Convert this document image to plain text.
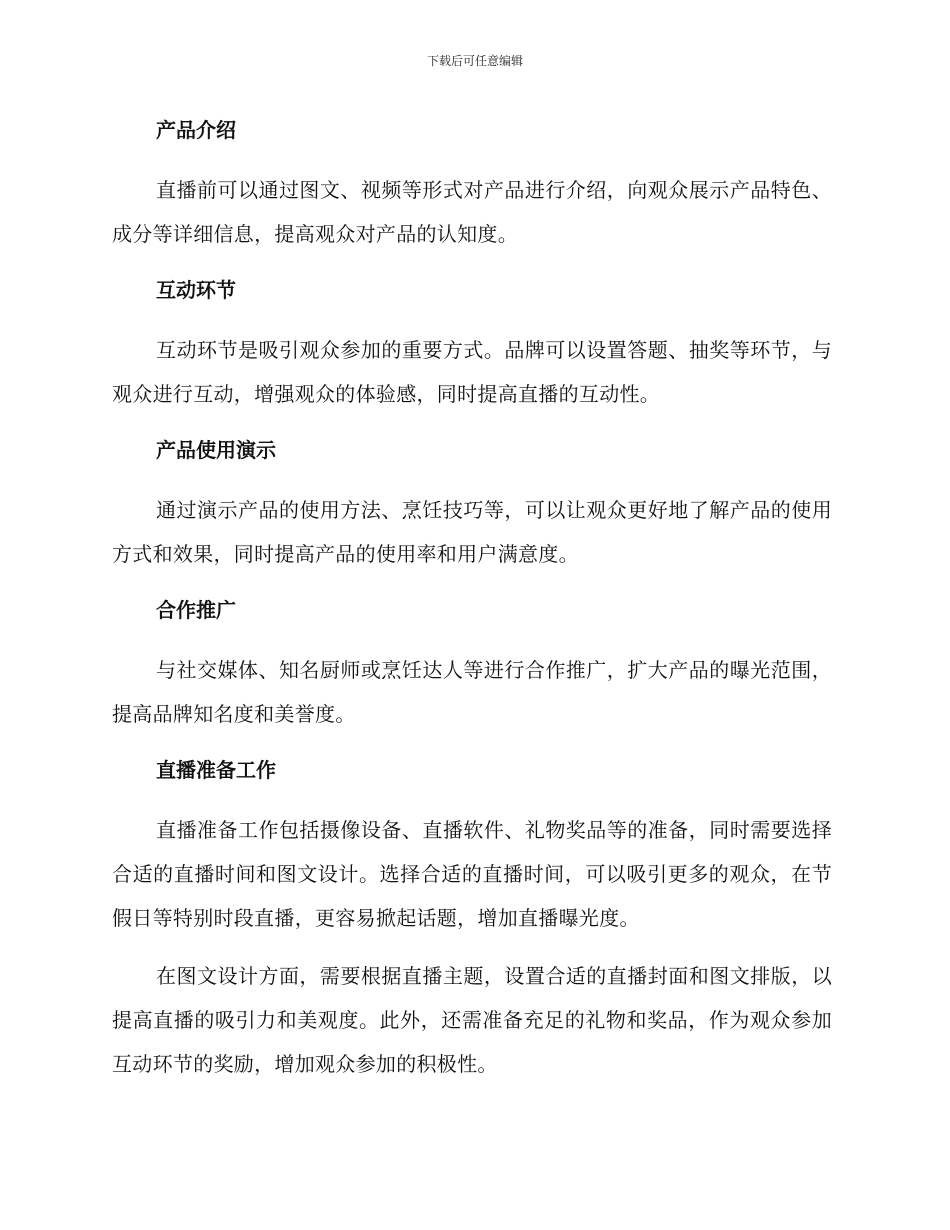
下载后可任意编辑
产品介绍

直播前可以通过图文、视频等形式对产品进行介绍，向观众展示产品特色、成分等详细信息，提高观众对产品的认知度。

互动环节

互动环节是吸引观众参加的重要方式。品牌可以设置答题、抽奖等环节，与观众进行互动，增强观众的体验感，同时提高直播的互动性。

产品使用演示

通过演示产品的使用方法、烹饪技巧等，可以让观众更好地了解产品的使用方式和效果，同时提高产品的使用率和用户满意度。

合作推广

与社交媒体、知名厨师或烹饪达人等进行合作推广，扩大产品的曝光范围，提高品牌知名度和美誉度。

直播准备工作

直播准备工作包括摄像设备、直播软件、礼物奖品等的准备，同时需要选择合适的直播时间和图文设计。选择合适的直播时间，可以吸引更多的观众，在节假日等特别时段直播，更容易掀起话题，增加直播曝光度。

在图文设计方面，需要根据直播主题，设置合适的直播封面和图文排版，以提高直播的吸引力和美观度。此外，还需准备充足的礼物和奖品，作为观众参加互动环节的奖励，增加观众参加的积极性。
